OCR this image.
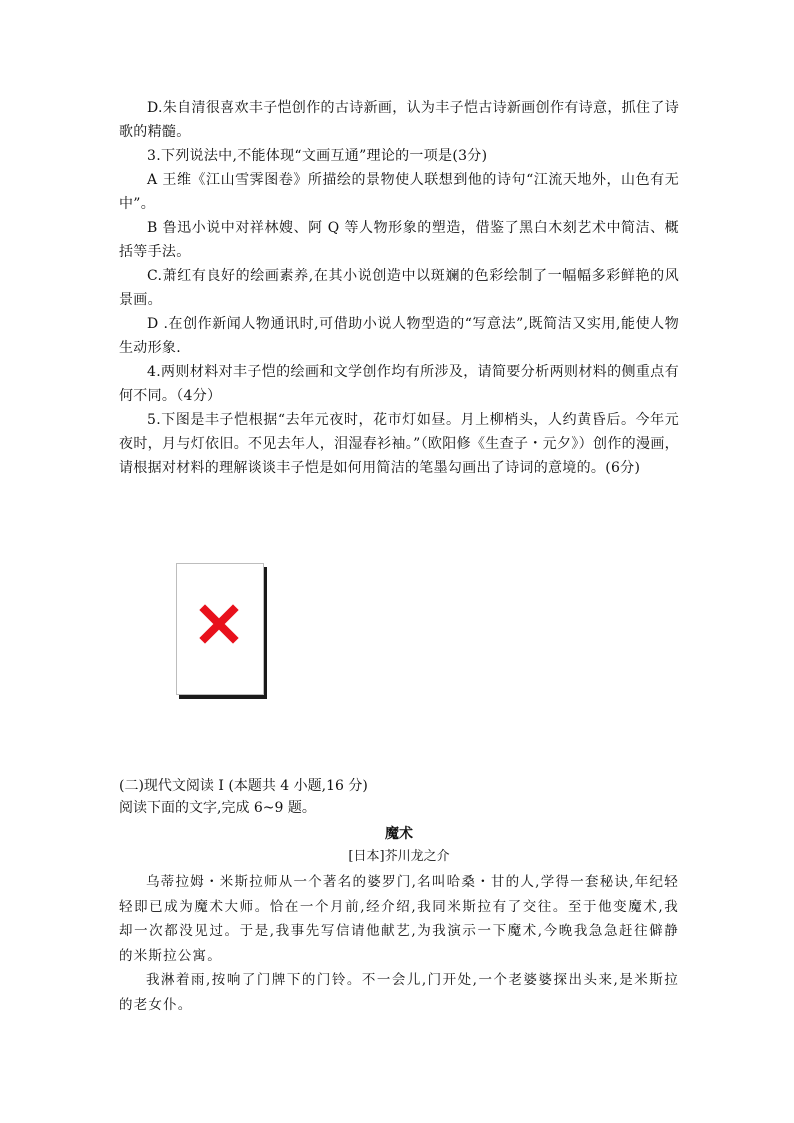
D.朱自清很喜欢丰子恺创作的古诗新画，认为丰子恺古诗新画创作有诗意，抓住了诗歌的精髓。

3.下列说法中,不能体现“文画互通”理论的一项是(3分)

A 王维《江山雪霁图卷》所描绘的景物使人联想到他的诗句“江流天地外，山色有无中”。

B 鲁迅小说中对祥林嫂、阿 Q 等人物形象的塑造，借鉴了黑白木刻艺术中简洁、概括等手法。

C.萧红有良好的绘画素养,在其小说创造中以斑斓的色彩绘制了一幅幅多彩鲜艳的风景画。

D .在创作新闻人物通讯时,可借助小说人物型造的“写意法”,既简洁又实用,能使人物生动形象.

4.两则材料对丰子恺的绘画和文学创作均有所涉及，请简要分析两则材料的侧重点有何不同。（4分）

5.下图是丰子恺根据“去年元夜时，花市灯如昼。月上柳梢头，人约黄昏后。今年元夜时，月与灯依旧。不见去年人，泪湿春衫袖。”（欧阳修《生查子・元夕》）创作的漫画，请根据对材料的理解谈谈丰子恺是如何用简洁的笔墨勾画出了诗词的意境的。(6分)

(二)现代文阅读 Ⅰ (本题共 4 小题,16 分)

阅读下面的文字,完成 6~9 题。

魔术

[日本]芥川龙之介

乌蒂拉姆・米斯拉师从一个著名的婆罗门,名叫哈桑・甘的人,学得一套秘诀,年纪轻轻即已成为魔术大师。恰在一个月前,经介绍,我同米斯拉有了交往。至于他变魔术,我却一次都没见过。于是,我事先写信请他献艺,为我演示一下魔术,今晚我急急赶往僻静的米斯拉公寓。

我淋着雨,按响了门牌下的门铃。不一会儿,门开处,一个老婆婆探出头来,是米斯拉的老女仆。
